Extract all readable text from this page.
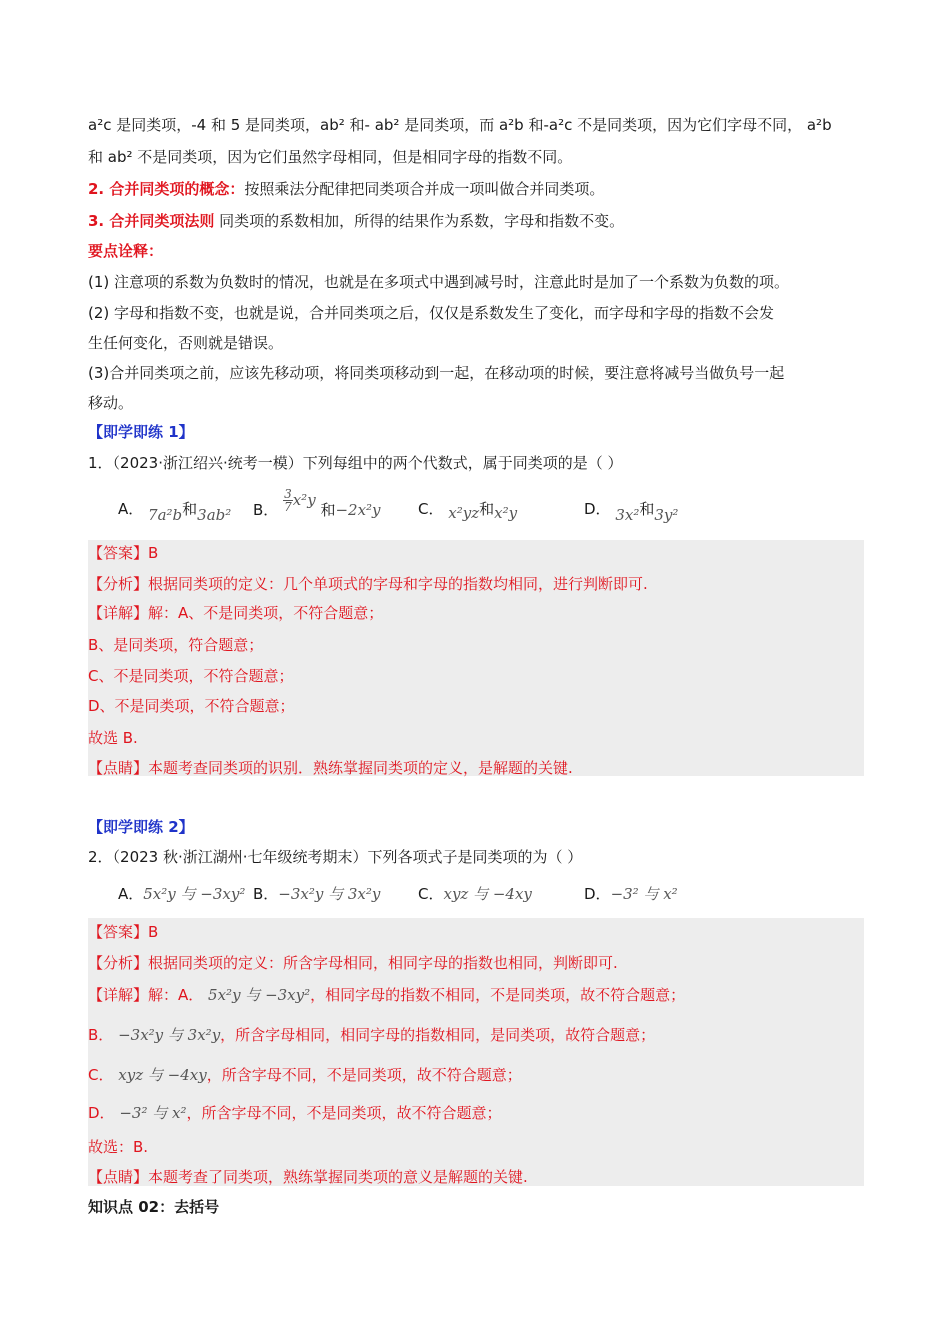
a²c 是同类项，-4 和 5 是同类项，ab² 和- ab² 是同类项，而 a²b 和-a²c 不是同类项，因为它们字母不同， a²b
和 ab² 不是同类项，因为它们虽然字母相同，但是相同字母的指数不同。
2. 合并同类项的概念：按照乘法分配律把同类项合并成一项叫做合并同类项。
3. 合并同类项法则 同类项的系数相加，所得的结果作为系数，字母和指数不变。
要点诠释：
(1) 注意项的系数为负数时的情况，也就是在多项式中遇到减号时，注意此时是加了一个系数为负数的项。
(2) 字母和指数不变，也就是说，合并同类项之后，仅仅是系数发生了变化，而字母和字母的指数不会发
生任何变化，否则就是错误。
(3)合并同类项之前，应该先移动项，将同类项移动到一起，在移动项的时候，要注意将减号当做负号一起
移动。
【即学即练 1】
1．（2023·浙江绍兴·统考一模）下列每组中的两个代数式，属于同类项的是（ ）
A． 7a²b和3ab² B． $\frac{3}{7} x^2y$ 和−2x²y C． x²yz和x²y	D． 3x²和3y²
【答案】B
【分析】根据同类项的定义：几个单项式的字母和字母的指数均相同，进行判断即可.
【详解】解：A、不是同类项，不符合题意；
B、是同类项，符合题意；
C、不是同类项，不符合题意；
D、不是同类项，不符合题意；
故选 B.
【点睛】本题考查同类项的识别．熟练掌握同类项的定义，是解题的关键.
【即学即练 2】
2．（2023 秋·浙江湖州·七年级统考期末）下列各项式子是同类项的为（ ）
A．5x²y 与 −3xy² B．−3x²y 与 3x²y	C．xyz 与 −4xy	D．−3² 与 x²
【答案】B
【分析】根据同类项的定义：所含字母相同，相同字母的指数也相同，判断即可.
【详解】解：A． 5x²y 与 −3xy²，相同字母的指数不相同，不是同类项，故不符合题意；
B． −3x²y 与 3x²y，所含字母相同，相同字母的指数相同，是同类项，故符合题意；
C． xyz 与 −4xy，所含字母不同，不是同类项，故不符合题意；
D． −3² 与 x²，所含字母不同，不是同类项，故不符合题意；
故选：B.
【点睛】本题考查了同类项，熟练掌握同类项的意义是解题的关键.
知识点 02：去括号
